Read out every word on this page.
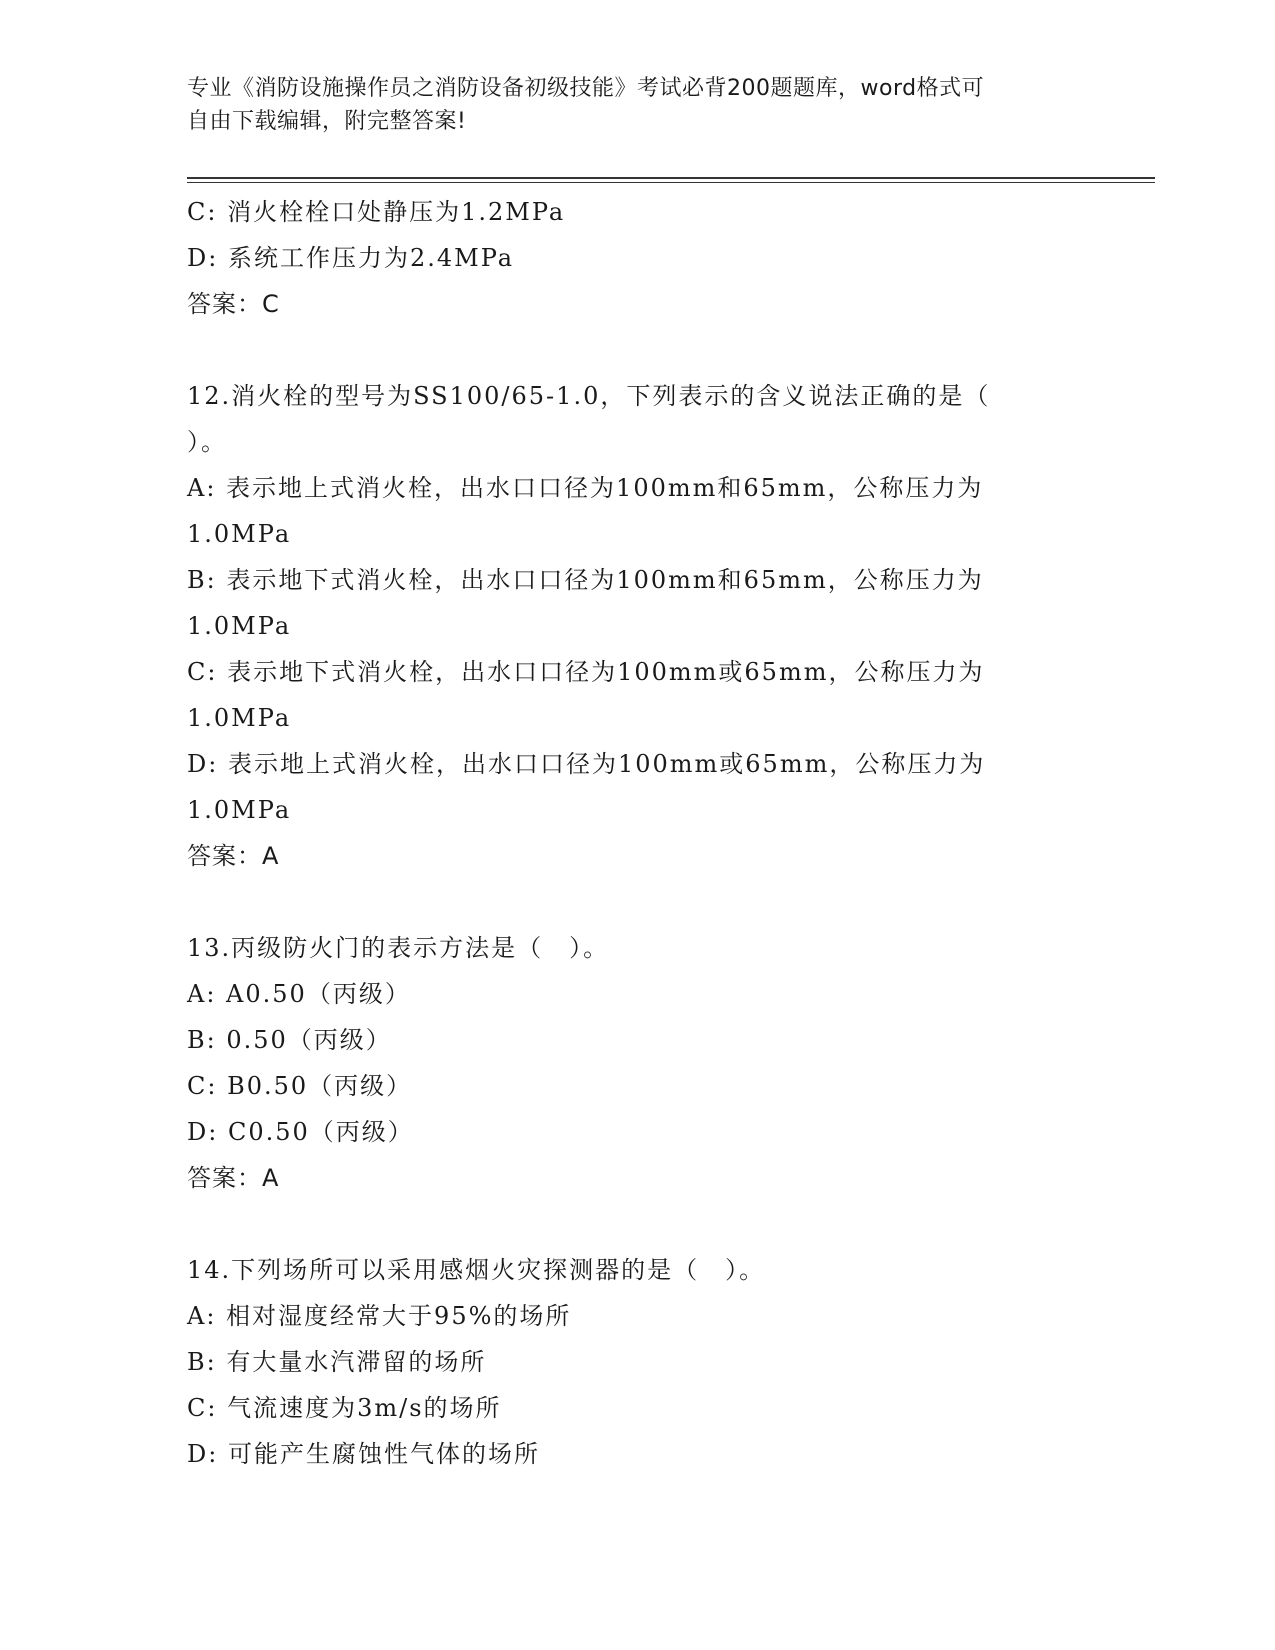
专业《消防设施操作员之消防设备初级技能》考试必背200题题库，word格式可
自由下载编辑，附完整答案!
C: 消火栓栓口处静压为1.2MPa
D: 系统工作压力为2.4MPa
答案：C
12.消火栓的型号为SS100/65-1.0，下列表示的含义说法正确的是（
）。
A: 表示地上式消火栓，出水口口径为100mm和65mm，公称压力为
1.0MPa
B: 表示地下式消火栓，出水口口径为100mm和65mm，公称压力为
1.0MPa
C: 表示地下式消火栓，出水口口径为100mm或65mm，公称压力为
1.0MPa
D: 表示地上式消火栓，出水口口径为100mm或65mm，公称压力为
1.0MPa
答案：A
13.丙级防火门的表示方法是（　）。
A: A0.50（丙级）
B: 0.50（丙级）
C: B0.50（丙级）
D: C0.50（丙级）
答案：A
14.下列场所可以采用感烟火灾探测器的是（　）。
A: 相对湿度经常大于95%的场所
B: 有大量水汽滞留的场所
C: 气流速度为3m/s的场所
D: 可能产生腐蚀性气体的场所
